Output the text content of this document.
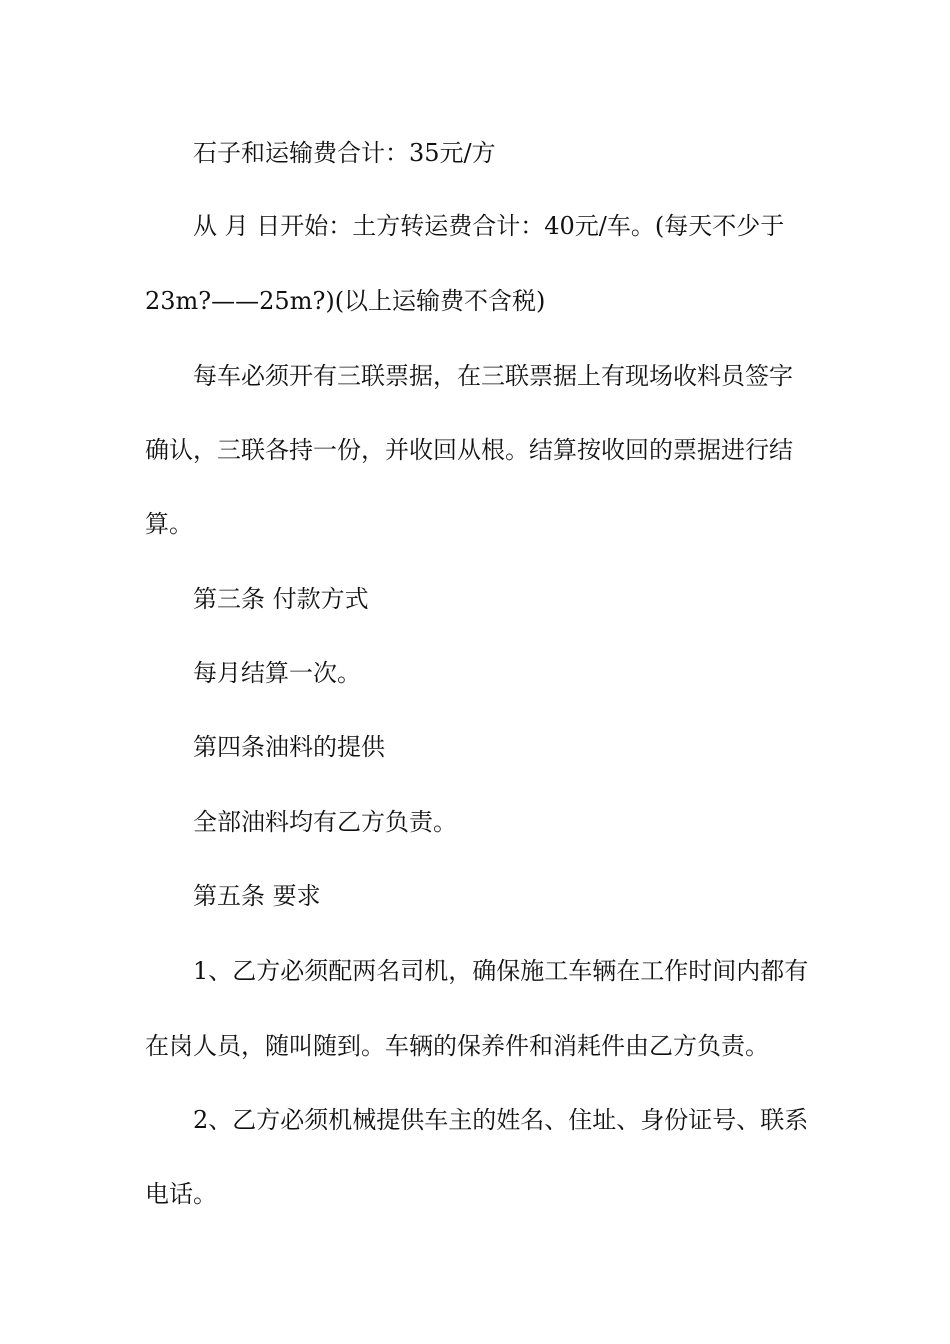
石子和运输费合计：35元/方
从 月 日开始：土方转运费合计：40元/车。(每天不少于
23m?——25m?)(以上运输费不含税)
每车必须开有三联票据，在三联票据上有现场收料员签字
确认，三联各持一份，并收回从根。结算按收回的票据进行结
算。
第三条 付款方式
每月结算一次。
第四条油料的提供
全部油料均有乙方负责。
第五条 要求
1、乙方必须配两名司机，确保施工车辆在工作时间内都有
在岗人员，随叫随到。车辆的保养件和消耗件由乙方负责。
2、乙方必须机械提供车主的姓名、住址、身份证号、联系
电话。
